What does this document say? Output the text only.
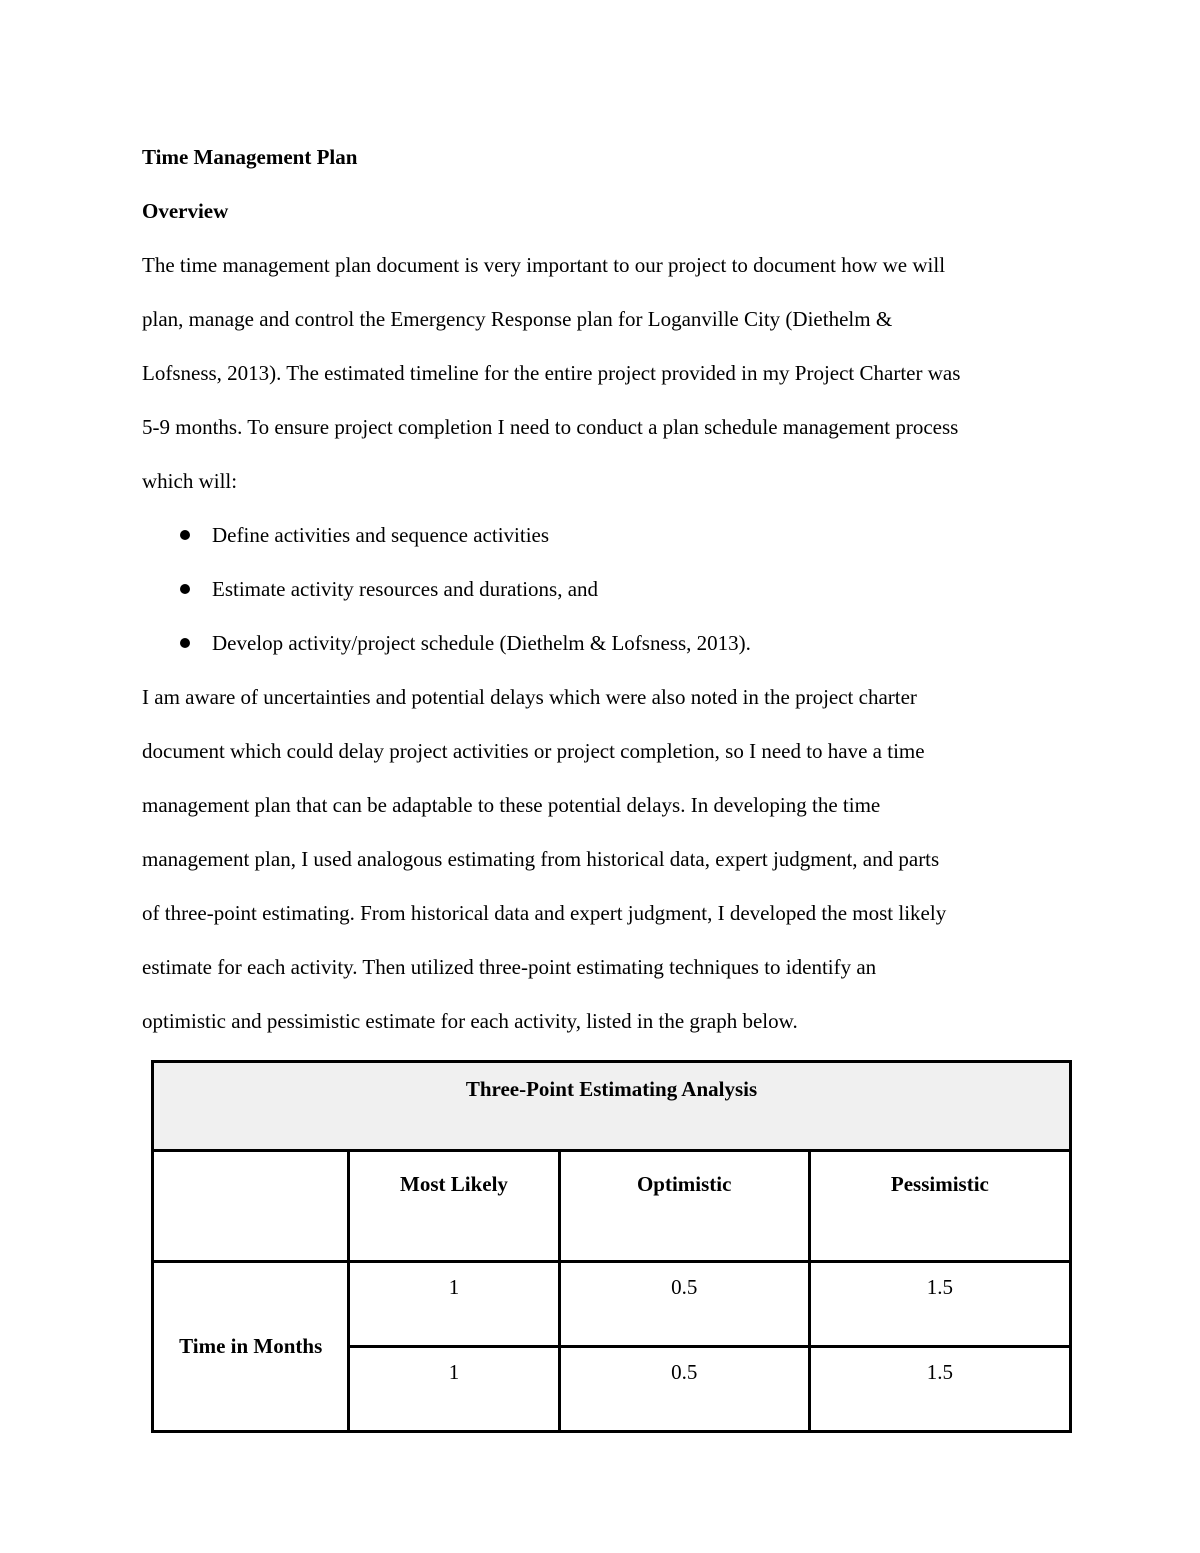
Time Management Plan
Overview
The time management plan document is very important to our project to document how we will
plan, manage and control the Emergency Response plan for Loganville City (Diethelm &
Lofsness, 2013). The estimated timeline for the entire project provided in my Project Charter was
5-9 months. To ensure project completion I need to conduct a plan schedule management process
which will:
Define activities and sequence activities
Estimate activity resources and durations, and
Develop activity/project schedule (Diethelm & Lofsness, 2013).
I am aware of uncertainties and potential delays which were also noted in the project charter
document which could delay project activities or project completion, so I need to have a time
management plan that can be adaptable to these potential delays. In developing the time
management plan, I used analogous estimating from historical data, expert judgment, and parts
of three-point estimating. From historical data and expert judgment, I developed the most likely
estimate for each activity. Then utilized three-point estimating techniques to identify an
optimistic and pessimistic estimate for each activity, listed in the graph below.
Three-Point Estimating Analysis			
	Most Likely	Optimistic	Pessimistic
Time in Months	1	0.5	1.5
	1	0.5	1.5
